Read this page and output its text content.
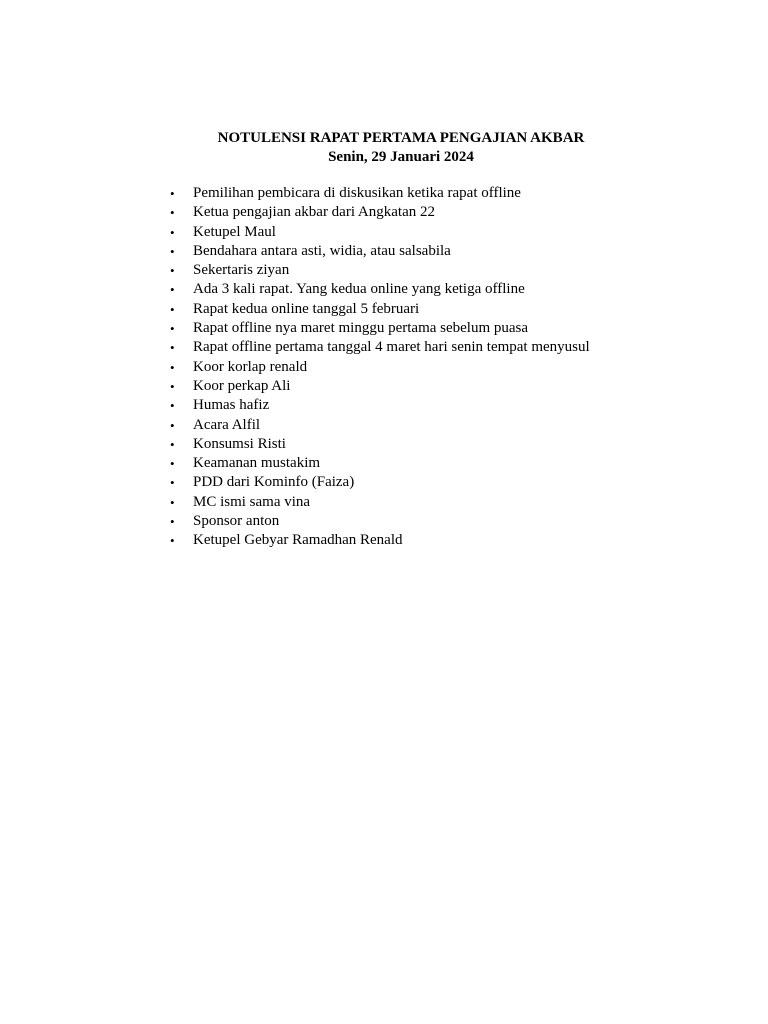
NOTULENSI RAPAT PERTAMA PENGAJIAN AKBAR
Senin, 29 Januari 2024
• Pemilihan pembicara di diskusikan ketika rapat offline
• Ketua pengajian akbar dari Angkatan 22
• Ketupel Maul
• Bendahara antara asti, widia, atau salsabila
• Sekertaris ziyan
• Ada 3 kali rapat. Yang kedua online yang ketiga offline
• Rapat kedua online tanggal 5 februari
• Rapat offline nya maret minggu pertama sebelum puasa
• Rapat offline pertama tanggal 4 maret hari senin tempat menyusul
• Koor korlap renald
• Koor perkap Ali
• Humas hafiz
• Acara Alfil
• Konsumsi Risti
• Keamanan mustakim
• PDD dari Kominfo (Faiza)
• MC ismi sama vina
• Sponsor anton
• Ketupel Gebyar Ramadhan Renald
